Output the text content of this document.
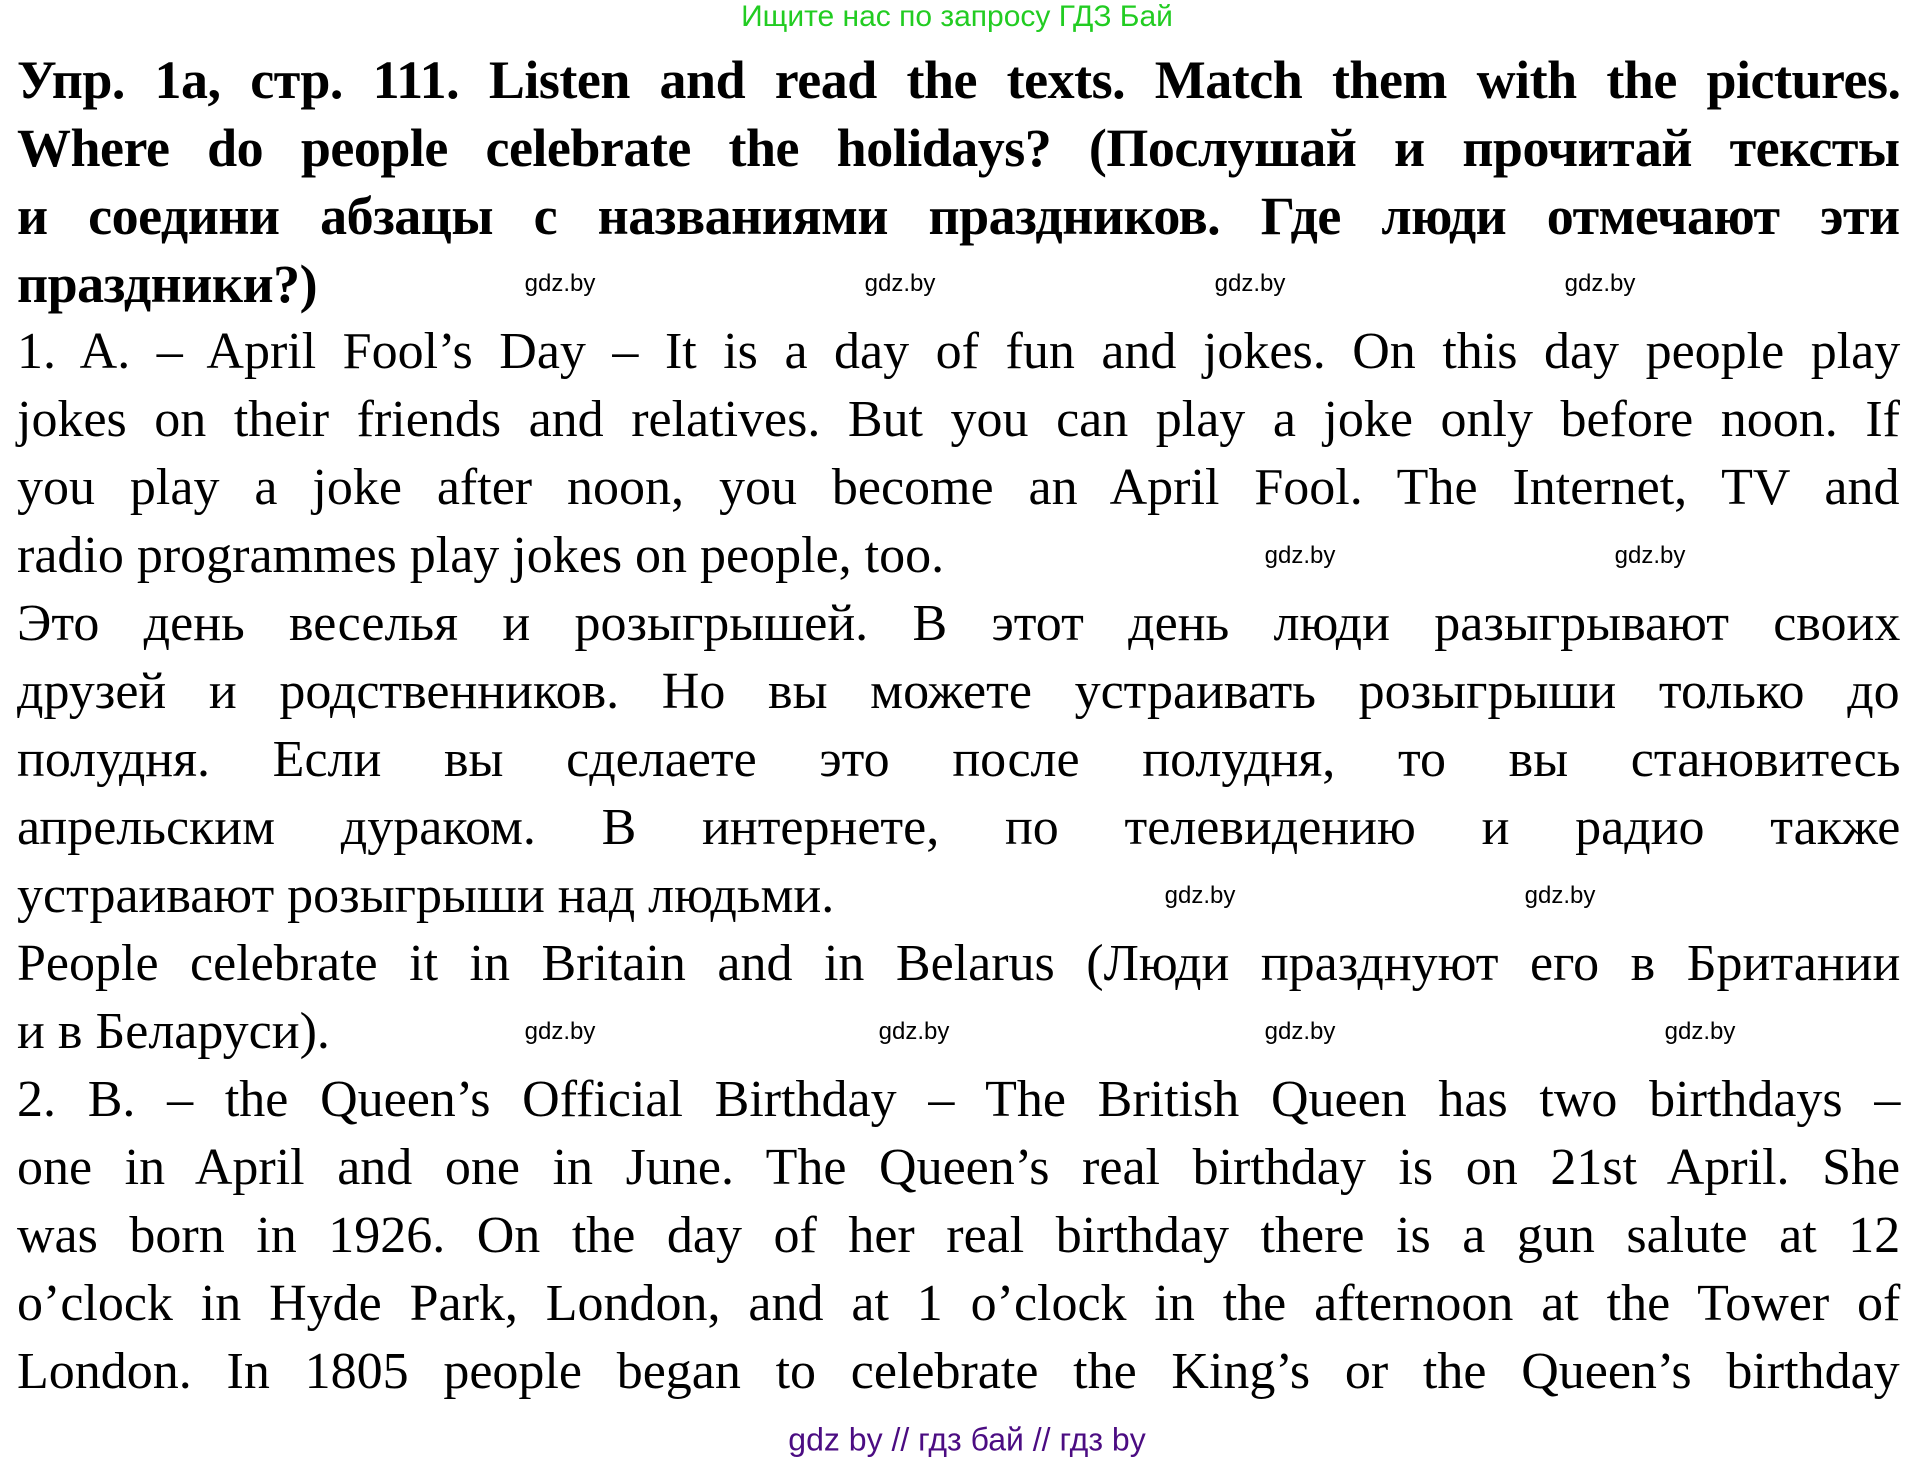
Ищите нас по запросу ГДЗ Бай
Упр. 1а, стр. 111. Listen and read the texts. Match them with the pictures.
Where do people celebrate the holidays? (Послушай и прочитай тексты
и соедини абзацы с названиями праздников. Где люди отмечают эти
праздники?)
1. A. – April Fool’s Day – It is a day of fun and jokes. On this day people play
jokes on their friends and relatives. But you can play a joke only before noon. If
you play a joke after noon, you become an April Fool. The Internet, TV and
radio programmes play jokes on people, too.
Это день веселья и розыгрышей. В этот день люди разыгрывают своих
друзей и родственников. Но вы можете устраивать розыгрыши только до
полудня. Если вы сделаете это после полудня, то вы становитесь
апрельским дураком. В интернете, по телевидению и радио также
устраивают розыгрыши над людьми.
People celebrate it in Britain and in Belarus (Люди празднуют его в Британии
и в Беларуси).
2. B. – the Queen’s Official Birthday – The British Queen has two birthdays –
one in April and one in June. The Queen’s real birthday is on 21st April. She
was born in 1926. On the day of her real birthday there is a gun salute at 12
o’clock in Hyde Park, London, and at 1 o’clock in the afternoon at the Tower of
London. In 1805 people began to celebrate the King’s or the Queen’s birthday
gdz.by	gdz.by	gdz.by	gdz.by
gdz.by	gdz.by
gdz.by	gdz.by
gdz.by	gdz.by	gdz.by	gdz.by
gdz by // гдз бай // гдз by
